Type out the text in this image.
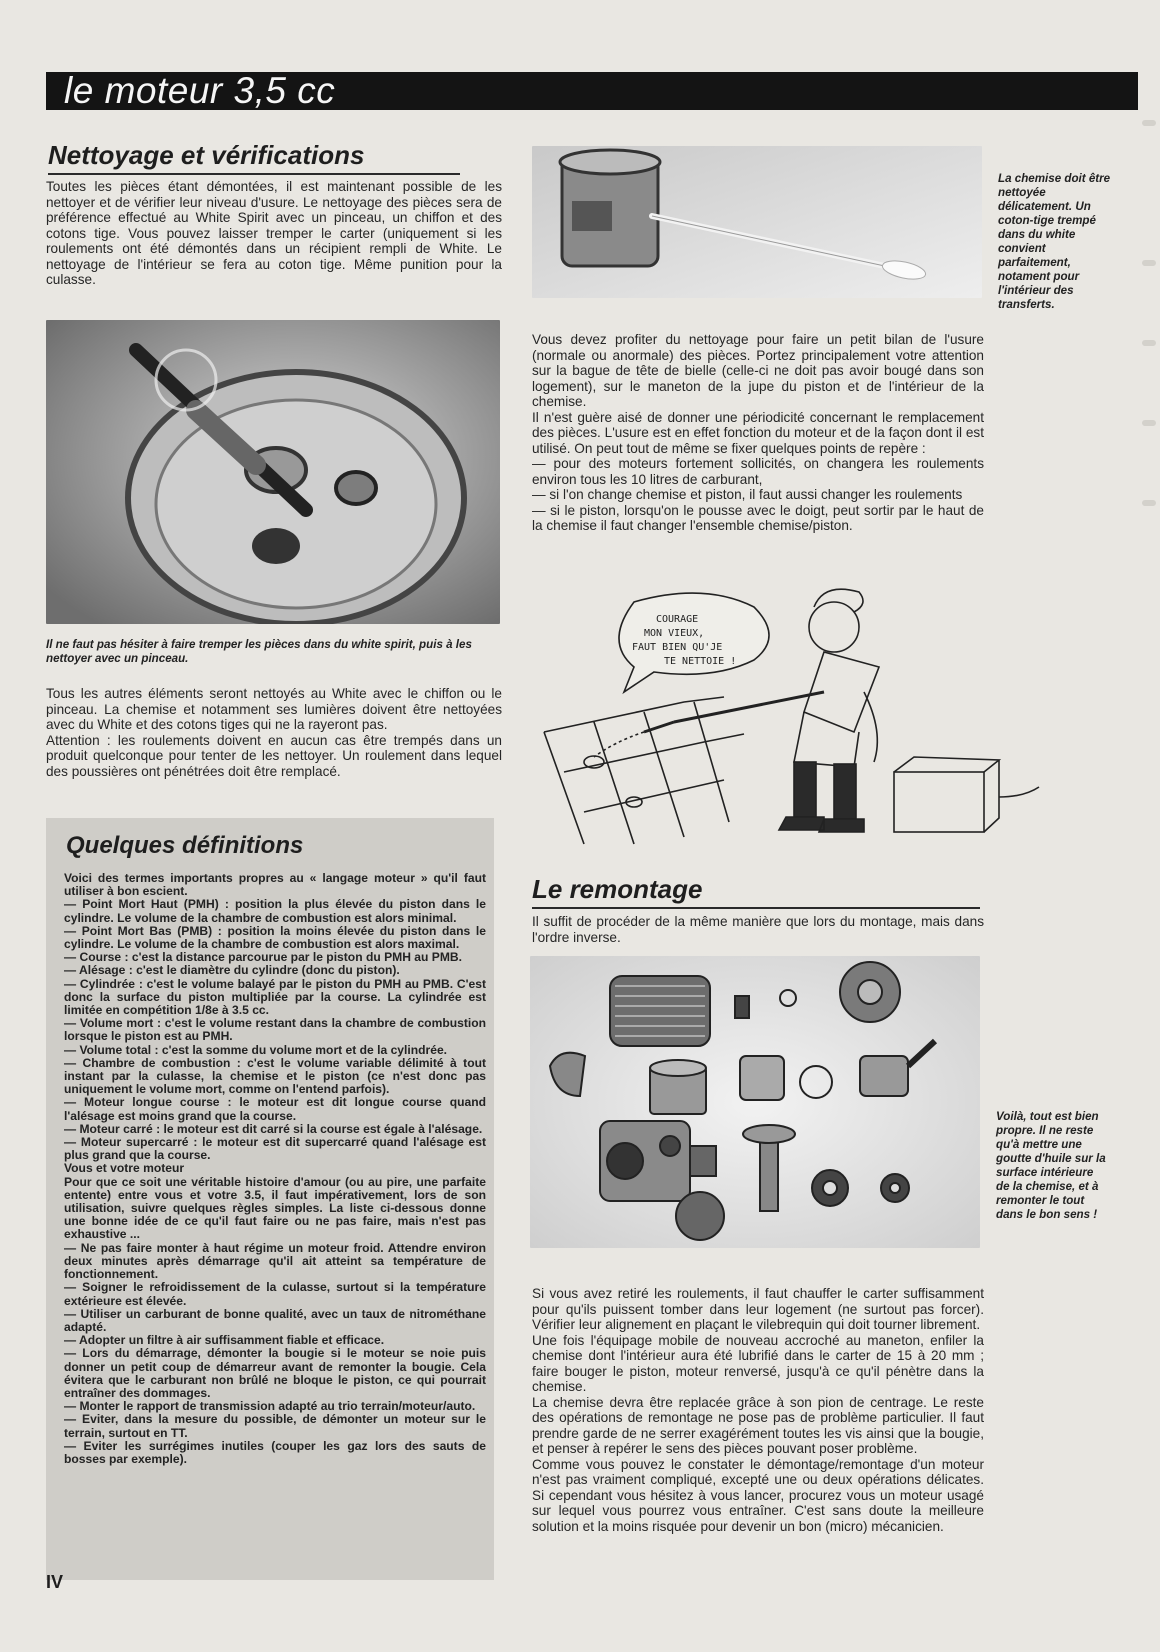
le moteur 3,5 cc
Nettoyage et vérifications

Toutes les pièces étant démontées, il est maintenant possible de les nettoyer et de vérifier leur niveau d'usure. Le nettoyage des pièces sera de préférence effectué au White Spirit avec un pinceau, un chiffon et des cotons tige. Vous pouvez laisser tremper le carter (uniquement si les roulements ont été démontés dans un récipient rempli de White. Le nettoyage de l'intérieur se fera au coton tige. Même punition pour la culasse.

Il ne faut pas hésiter à faire tremper les pièces dans du white spirit, puis à les nettoyer avec un pinceau.

Tous les autres éléments seront nettoyés au White avec le chiffon ou le pinceau. La chemise et notamment ses lumières doivent être nettoyées avec du White et des cotons tiges qui ne la rayeront pas.

Attention : les roulements doivent en aucun cas être trempés dans un produit quelconque pour tenter de les nettoyer. Un roulement dans lequel des poussières ont pénétrées doit être remplacé.

Quelques définitions

Voici des termes importants propres au « langage moteur » qu'il faut utiliser à bon escient.

— Point Mort Haut (PMH) : position la plus élevée du piston dans le cylindre. Le volume de la chambre de combustion est alors minimal.

— Point Mort Bas (PMB) : position la moins élevée du piston dans le cylindre. Le volume de la chambre de combustion est alors maximal.

— Course : c'est la distance parcourue par le piston du PMH au PMB.

— Alésage : c'est le diamètre du cylindre (donc du piston).

— Cylindrée : c'est le volume balayé par le piston du PMH au PMB. C'est donc la surface du piston multipliée par la course. La cylindrée est limitée en compétition 1/8e à 3.5 cc.

— Volume mort : c'est le volume restant dans la chambre de combustion lorsque le piston est au PMH.

— Volume total : c'est la somme du volume mort et de la cylindrée.

— Chambre de combustion : c'est le volume variable délimité à tout instant par la culasse, la chemise et le piston (ce n'est donc pas uniquement le volume mort, comme on l'entend parfois).

— Moteur longue course : le moteur est dit longue course quand l'alésage est moins grand que la course.

— Moteur carré : le moteur est dit carré si la course est égale à l'alésage.

— Moteur supercarré : le moteur est dit supercarré quand l'alésage est plus grand que la course.

Vous et votre moteur

Pour que ce soit une véritable histoire d'amour (ou au pire, une parfaite entente) entre vous et votre 3.5, il faut impérativement, lors de son utilisation, suivre quelques règles simples. La liste ci-dessous donne une bonne idée de ce qu'il faut faire ou ne pas faire, mais n'est pas exhaustive ...

— Ne pas faire monter à haut régime un moteur froid. Attendre environ deux minutes après démarrage qu'il ait atteint sa température de fonctionnement.

— Soigner le refroidissement de la culasse, surtout si la température extérieure est élevée.

— Utiliser un carburant de bonne qualité, avec un taux de nitrométhane adapté.

— Adopter un filtre à air suffisamment fiable et efficace.

— Lors du démarrage, démonter la bougie si le moteur se noie puis donner un petit coup de démarreur avant de remonter la bougie. Cela évitera que le carburant non brûlé ne bloque le piston, ce qui pourrait entraîner des dommages.

— Monter le rapport de transmission adapté au trio terrain/moteur/auto.

— Eviter, dans la mesure du possible, de démonter un moteur sur le terrain, surtout en TT.

— Eviter les surrégimes inutiles (couper les gaz lors des sauts de bosses par exemple).

La chemise doit être nettoyée délicatement. Un coton-tige trempé dans du white convient parfaitement, notament pour l'intérieur des transferts.

Vous devez profiter du nettoyage pour faire un petit bilan de l'usure (normale ou anormale) des pièces. Portez principalement votre attention sur la bague de tête de bielle (celle-ci ne doit pas avoir bougé dans son logement), sur le maneton de la jupe du piston et de l'intérieur de la chemise.

Il n'est guère aisé de donner une périodicité concernant le remplacement des pièces. L'usure est en effet fonction du moteur et de la façon dont il est utilisé. On peut tout de même se fixer quelques points de repère :

— pour des moteurs fortement sollicités, on changera les roulements environ tous les 10 litres de carburant,

— si l'on change chemise et piston, il faut aussi changer les roulements

— si le piston, lorsqu'on le pousse avec le doigt, peut sortir par le haut de la chemise il faut changer l'ensemble chemise/piston.

COURAGE
MON VIEUX,
FAUT BIEN QU'JE
TE NETTOIE !
Le remontage
Il suffit de procéder de la même manière que lors du montage, mais dans l'ordre inverse.
Voilà, tout est bien propre. Il ne reste qu'à mettre une goutte d'huile sur la surface intérieure de la chemise, et à remonter le tout dans le bon sens !

Si vous avez retiré les roulements, il faut chauffer le carter suffisamment pour qu'ils puissent tomber dans leur logement (ne surtout pas forcer). Vérifier leur alignement en plaçant le vilebrequin qui doit tourner librement.

Une fois l'équipage mobile de nouveau accroché au maneton, enfiler la chemise dont l'intérieur aura été lubrifié dans le carter de 15 à 20 mm ; faire bouger le piston, moteur renversé, jusqu'à ce qu'il pénètre dans la chemise.

La chemise devra être replacée grâce à son pion de centrage. Le reste des opérations de remontage ne pose pas de problème particulier. Il faut prendre garde de ne serrer exagérément toutes les vis ainsi que la bougie, et penser à repérer le sens des pièces pouvant poser problème.

Comme vous pouvez le constater le démontage/remontage d'un moteur n'est pas vraiment compliqué, excepté une ou deux opérations délicates. Si cependant vous hésitez à vous lancer, procurez vous un moteur usagé sur lequel vous pourrez vous entraîner. C'est sans doute la meilleure solution et la moins risquée pour devenir un bon (micro) mécanicien.

IV
